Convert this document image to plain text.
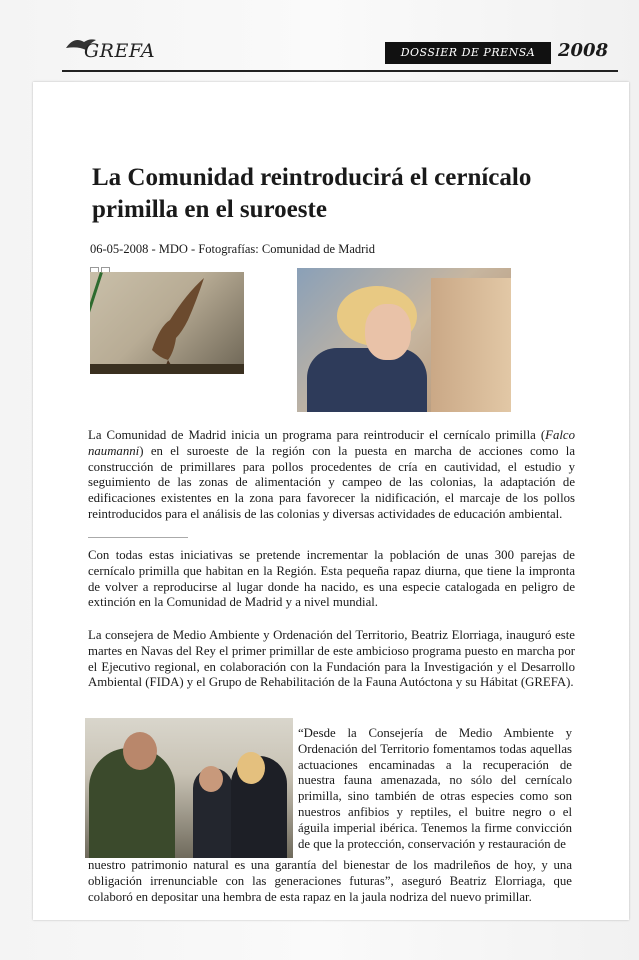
GREFA	DOSSIER DE PRENSA	2008
La Comunidad reintroducirá el cernícalo primilla en el suroeste
06-05-2008 - MDO - Fotografías: Comunidad de Madrid

La Comunidad de Madrid inicia un programa para reintroducir el cernícalo primilla (Falco naumanni) en el suroeste de la región con la puesta en marcha de acciones como la construcción de primillares para pollos procedentes de cría en cautividad, el estudio y seguimiento de las zonas de alimentación y campeo de las colonias, la adaptación de edificaciones existentes en la zona para favorecer la nidificación, el marcaje de los pollos reintroducidos para el análisis de las colonias y diversas actividades de educación ambiental.

Con todas estas iniciativas se pretende incrementar la población de unas 300 parejas de cernícalo primilla que habitan en la Región. Esta pequeña rapaz diurna, que tiene la impronta de volver a reproducirse al lugar donde ha nacido, es una especie catalogada en peligro de extinción en la Comunidad de Madrid y a nivel mundial.

La consejera de Medio Ambiente y Ordenación del Territorio, Beatriz Elorriaga, inauguró este martes en Navas del Rey el primer primillar de este ambicioso programa puesto en marcha por el Ejecutivo regional, en colaboración con la Fundación para la Investigación y el Desarrollo Ambiental (FIDA) y el Grupo de Rehabilitación de la Fauna Autóctona y su Hábitat (GREFA).

“Desde la Consejería de Medio Ambiente y Ordenación del Territorio fomentamos todas aquellas actuaciones encaminadas a la recuperación de nuestra fauna amenazada, no sólo del cernícalo primilla, sino también de otras especies como son nuestros anfibios y reptiles, el buitre negro o el águila imperial ibérica. Tenemos la firme convicción de que la protección, conservación y restauración de

nuestro patrimonio natural es una garantía del bienestar de los madrileños de hoy, y una obligación irrenunciable con las generaciones futuras”, aseguró Beatriz Elorriaga, que colaboró en depositar una hembra de esta rapaz en la jaula nodriza del nuevo primillar.
